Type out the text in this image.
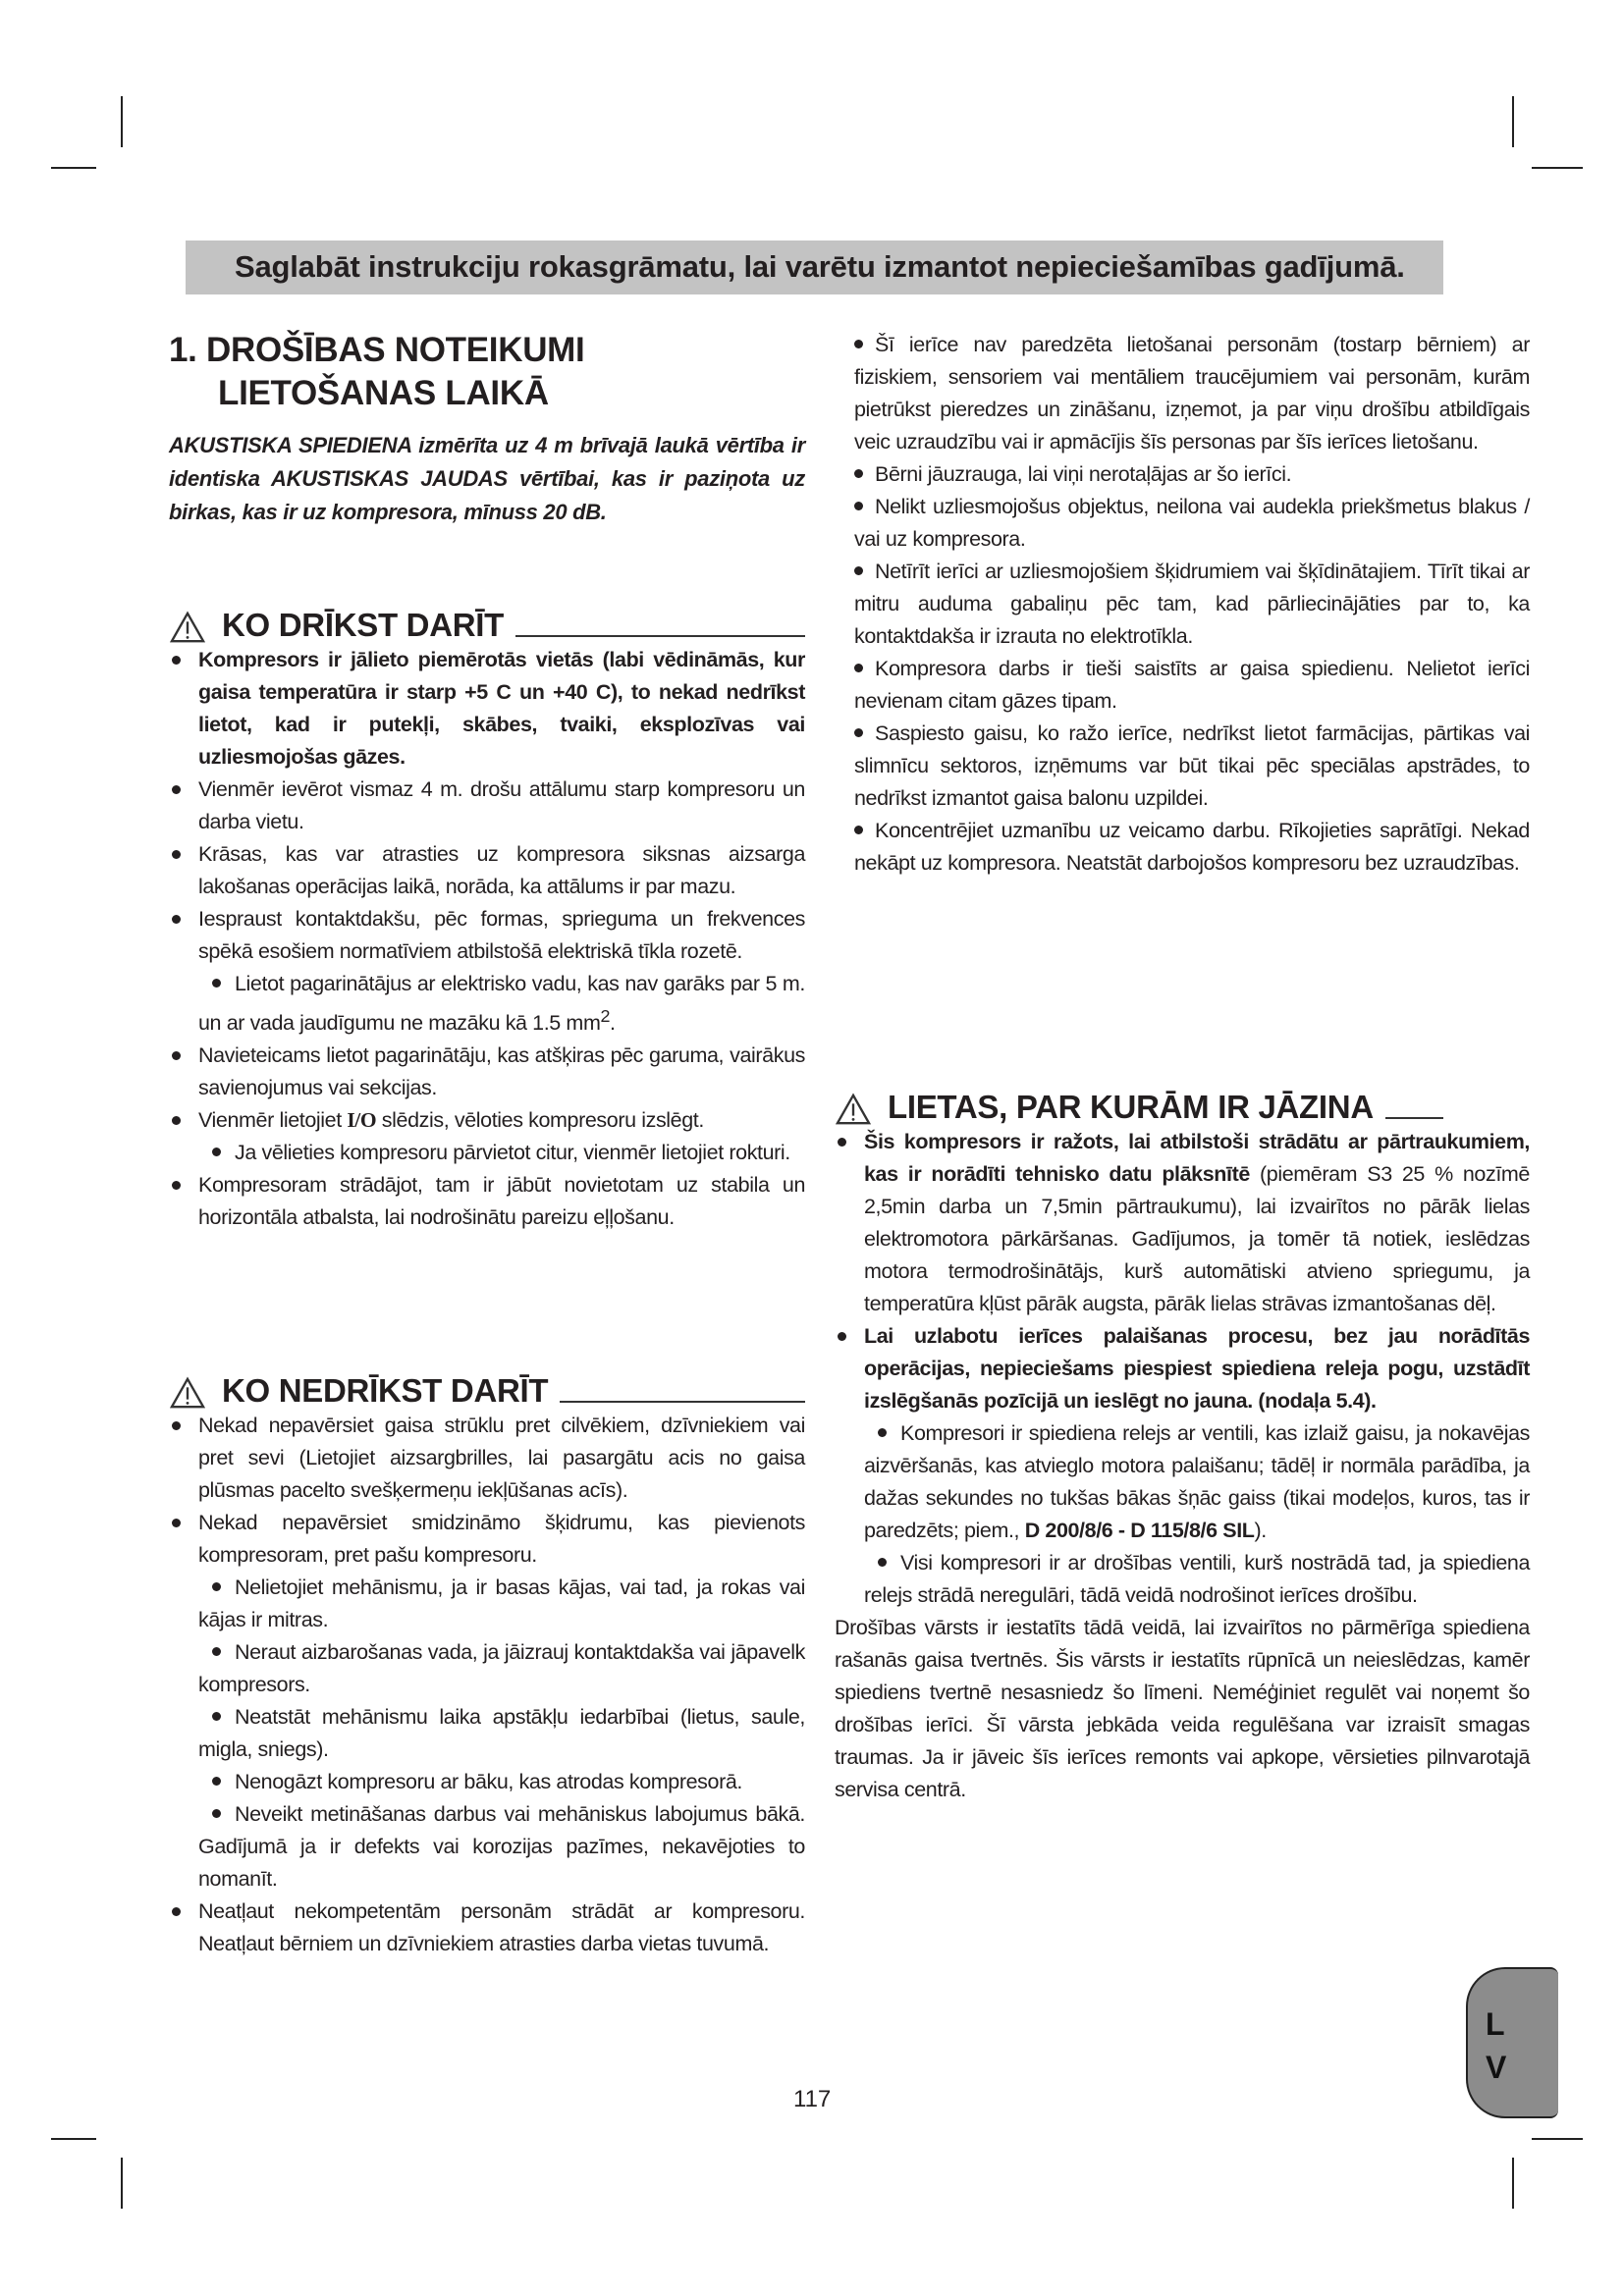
Saglabāt instrukciju rokasgrāmatu, lai varētu izmantot nepieciešamības gadījumā.
1. DROŠĪBAS NOTEIKUMI
LIETOŠANAS LAIKĀ
AKUSTISKA SPIEDIENA izmērīta uz 4 m brīvajā laukā vērtība ir identiska AKUSTISKAS JAUDAS vērtībai, kas ir paziņota uz birkas, kas ir uz kompresora, mīnuss 20 dB.
KO DRĪKST DARĪT
Kompresors ir jālieto piemērotās vietās (labi vēdināmās, kur gaisa temperatūra ir starp +5 C un +40 C), to nekad nedrīkst lietot, kad ir putekļi, skābes, tvaiki, eksplozīvas vai uzliesmojošas gāzes.
Vienmēr ievērot vismaz 4 m. drošu attālumu starp kompresoru un darba vietu.
Krāsas, kas var atrasties uz kompresora siksnas aizsarga lakošanas operācijas laikā, norāda, ka attālums ir par mazu.
Iespraust kontaktdakšu, pēc formas, sprieguma un frekvences spēkā esošiem normatīviem atbilstošā elektriskā tīkla rozetē.
Lietot pagarinātājus ar elektrisko vadu, kas nav garāks par 5 m. un ar vada jaudīgumu ne mazāku kā 1.5 $mm^2$.
Navieteicams lietot pagarinātāju, kas atšķiras pēc garuma, vairākus savienojumus vai sekcijas.
Vienmēr lietojiet I/O slēdzis, vēloties kompresoru izslēgt.
Ja vēlieties kompresoru pārvietot citur, vienmēr lietojiet rokturi.
Kompresoram strādājot, tam ir jābūt novietotam uz stabila un horizontāla atbalsta, lai nodrošinātu pareizu eļļošanu.
KO NEDRĪKST DARĪT
Nekad nepavērsiet gaisa strūklu pret cilvēkiem, dzīvniekiem vai pret sevi (Lietojiet aizsargbrilles, lai pasargātu acis no gaisa plūsmas pacelto svešķermeņu iekļūšanas acīs).
Nekad nepavērsiet smidzināmo šķidrumu, kas pievienots kompresoram, pret pašu kompresoru.
Nelietojiet mehānismu, ja ir basas kājas, vai tad, ja rokas vai kājas ir mitras.
Neraut aizbarošanas vada, ja jāizrauj kontaktdakša vai jāpavelk kompresors.
Neatstāt mehānismu laika apstākļu iedarbībai (lietus, saule, migla, sniegs).
Nenogāzt kompresoru ar bāku, kas atrodas kompresorā.
Neveikt metināšanas darbus vai mehāniskus labojumus bākā. Gadījumā ja ir defekts vai korozijas pazīmes, nekavējoties to nomanīt.
Neatļaut nekompetentām personām strādāt ar kompresoru. Neatļaut bērniem un dzīvniekiem atrasties darba vietas tuvumā.
Šī ierīce nav paredzēta lietošanai personām (tostarp bērniem) ar fiziskiem, sensoriem vai mentāliem traucējumiem vai personām, kurām pietrūkst pieredzes un zināšanu, izņemot, ja par viņu drošību atbildīgais veic uzraudzību vai ir apmācījis šīs personas par šīs ierīces lietošanu.
Bērni jāuzrauga, lai viņi nerotaļājas ar šo ierīci.
Nelikt uzliesmojošus objektus, neilona vai audekla priekšmetus blakus / vai uz kompresora.
Netīrīt ierīci ar uzliesmojošiem šķidrumiem vai šķīdinātajiem. Tīrīt tikai ar mitru auduma gabaliņu pēc tam, kad pārliecinājāties par to, ka kontaktdakša ir izrauta no elektrotīkla.
Kompresora darbs ir tieši saistīts ar gaisa spiedienu. Nelietot ierīci nevienam citam gāzes tipam.
Saspiesto gaisu, ko ražo ierīce, nedrīkst lietot farmācijas, pārtikas vai slimnīcu sektoros, izņēmums var būt tikai pēc speciālas apstrādes, to nedrīkst izmantot gaisa balonu uzpildei.
Koncentrējiet uzmanību uz veicamo darbu. Rīkojieties saprātīgi. Nekad nekāpt uz kompresora. Neatstāt darbojošos kompresoru bez uzraudzības.
LIETAS, PAR KURĀM IR JĀZINA
Šis kompresors ir ražots, lai atbilstoši strādātu ar pārtraukumiem, kas ir norādīti tehnisko datu plāksnītē (piemēram S3 25 % nozīmē 2,5min darba un 7,5min pārtraukumu), lai izvairītos no pārāk lielas elektromotora pārkāršanas. Gadījumos, ja tomēr tā notiek, ieslēdzas motora termodrošinātājs, kurš automātiski atvieno spriegumu, ja temperatūra kļūst pārāk augsta, pārāk lielas strāvas izmantošanas dēļ.
Lai uzlabotu ierīces palaišanas procesu, bez jau norādītās operācijas, nepieciešams piespiest spiediena releja pogu, uzstādīt izslēgšanās pozīcijā un ieslēgt no jauna. (nodaļa 5.4).
Kompresori ir spiediena relejs ar ventili, kas izlaiž gaisu, ja nokavējas aizvēršanās, kas atvieglo motora palaišanu; tādēļ ir normāla parādība, ja dažas sekundes no tukšas bākas šņāc gaiss (tikai modeļos, kuros, tas ir paredzēts; piem., D 200/8/6 - D 115/8/6 SIL).
Visi kompresori ir ar drošības ventili, kurš nostrādā tad, ja spiediena relejs strādā neregulāri, tādā veidā nodrošinot ierīces drošību.
Drošības vārsts ir iestatīts tādā veidā, lai izvairītos no pārmērīga spiediena rašanās gaisa tvertnēs. Šis vārsts ir iestatīts rūpnīcā un neieslēdzas, kamēr spiediens tvertnē nesasniedz šo līmeni. Neméģiniet regulēt vai noņemt šo drošības ierīci. Šī vārsta jebkāda veida regulēšana var izraisīt smagas traumas. Ja ir jāveic šīs ierīces remonts vai apkope, vērsieties pilnvarotajā servisa centrā.
L
V
117
